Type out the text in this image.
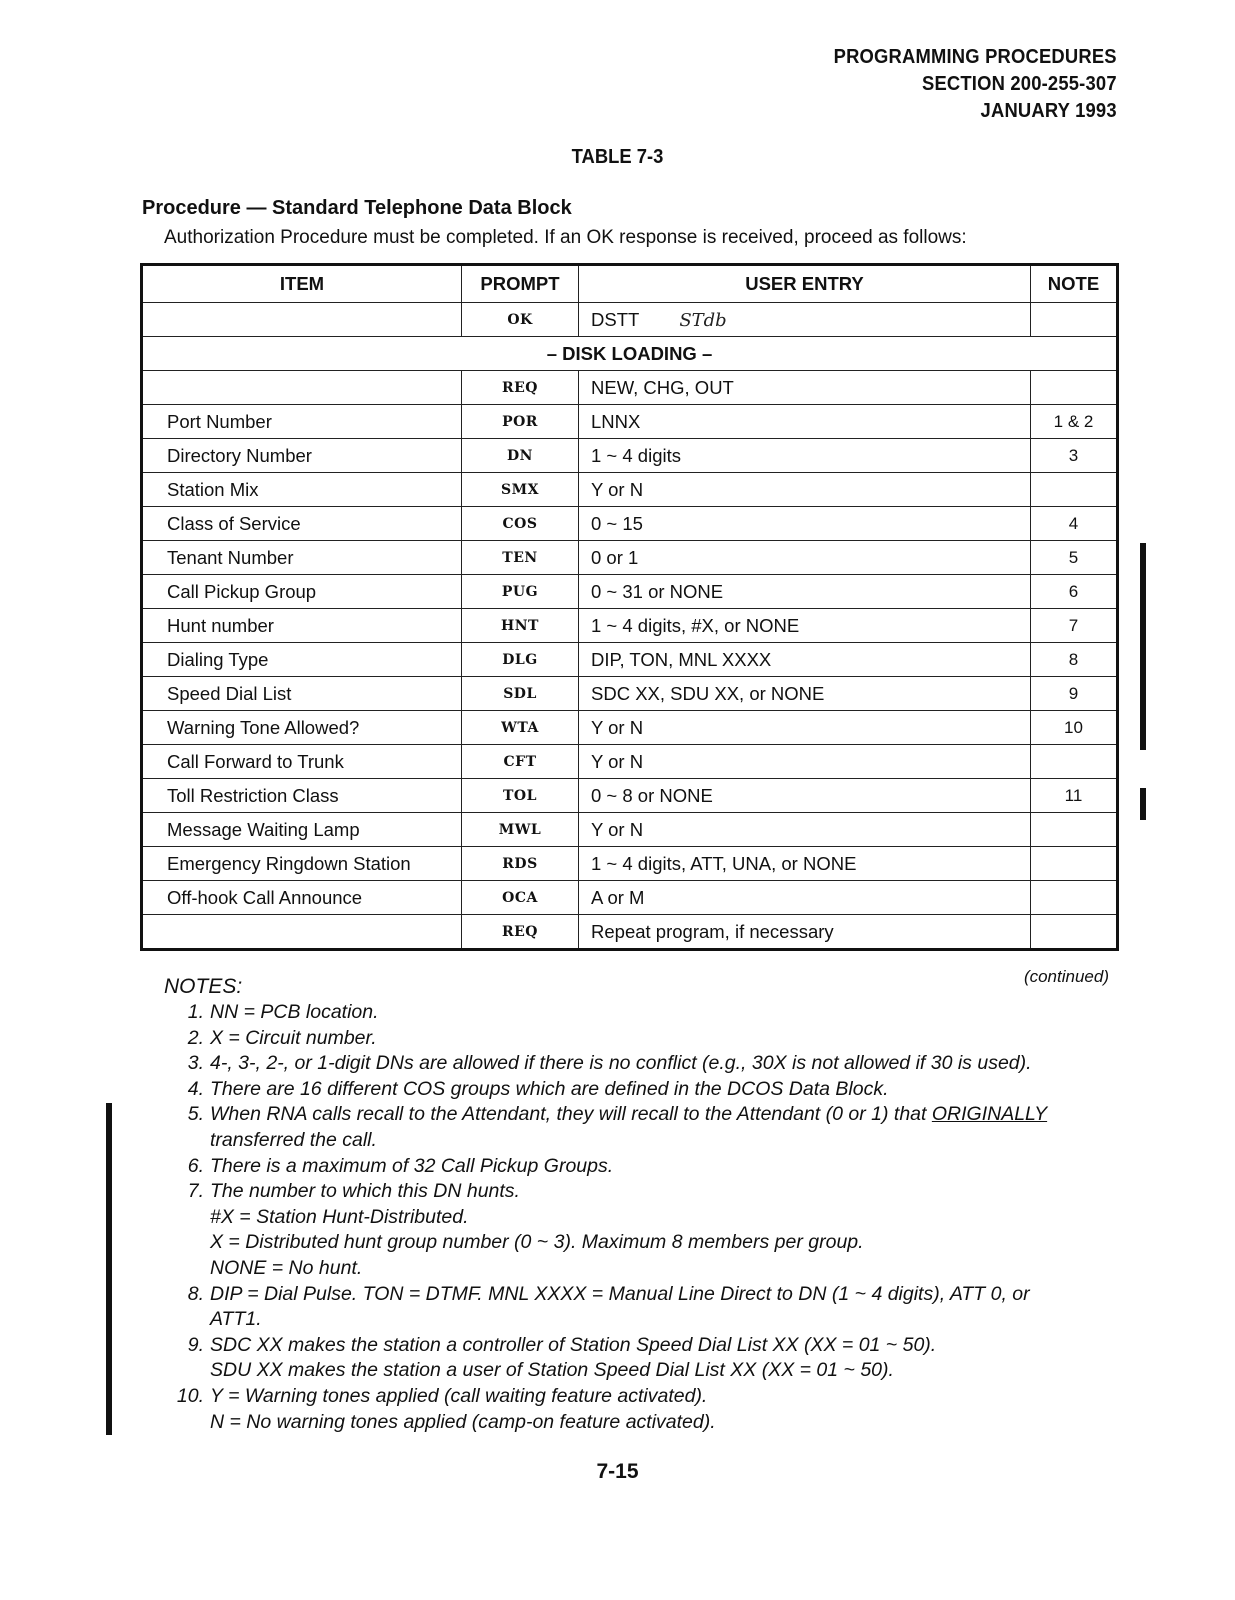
PROGRAMMING PROCEDURES
SECTION 200-255-307
JANUARY 1993
TABLE 7-3
Procedure — Standard Telephone Data Block
Authorization Procedure must be completed. If an OK response is received, proceed as follows:
ITEM	PROMPT	USER ENTRY	NOTE
	OK	DSTT STdb	
– DISK LOADING –			
	REQ	NEW, CHG, OUT	
Port Number	POR	LNNX	1 & 2
Directory Number	DN	1 ~ 4 digits	3
Station Mix	SMX	Y or N	
Class of Service	COS	0 ~ 15	4
Tenant Number	TEN	0 or 1	5
Call Pickup Group	PUG	0 ~ 31 or NONE	6
Hunt number	HNT	1 ~ 4 digits, #X, or NONE	7
Dialing Type	DLG	DIP, TON, MNL XXXX	8
Speed Dial List	SDL	SDC XX, SDU XX, or NONE	9
Warning Tone Allowed?	WTA	Y or N	10
Call Forward to Trunk	CFT	Y or N	
Toll Restriction Class	TOL	0 ~ 8 or NONE	11
Message Waiting Lamp	MWL	Y or N	
Emergency Ringdown Station	RDS	1 ~ 4 digits, ATT, UNA, or NONE	
Off-hook Call Announce	OCA	A or M	
	REQ	Repeat program, if necessary	
NOTES:	(continued)
1. NN = PCB location.
2. X = Circuit number.
3. 4-, 3-, 2-, or 1-digit DNs are allowed if there is no conflict (e.g., 30X is not allowed if 30 is used).
4. There are 16 different COS groups which are defined in the DCOS Data Block.
5. When RNA calls recall to the Attendant, they will recall to the Attendant (0 or 1) that ORIGINALLY
transferred the call.
6. There is a maximum of 32 Call Pickup Groups.
7. The number to which this DN hunts.
#X = Station Hunt-Distributed.
X = Distributed hunt group number (0 ~ 3). Maximum 8 members per group.
NONE = No hunt.
8. DIP = Dial Pulse. TON = DTMF. MNL XXXX = Manual Line Direct to DN (1 ~ 4 digits), ATT 0, or
ATT1.
9. SDC XX makes the station a controller of Station Speed Dial List XX (XX = 01 ~ 50).
SDU XX makes the station a user of Station Speed Dial List XX (XX = 01 ~ 50).
10. Y = Warning tones applied (call waiting feature activated).
N = No warning tones applied (camp-on feature activated).
7-15
